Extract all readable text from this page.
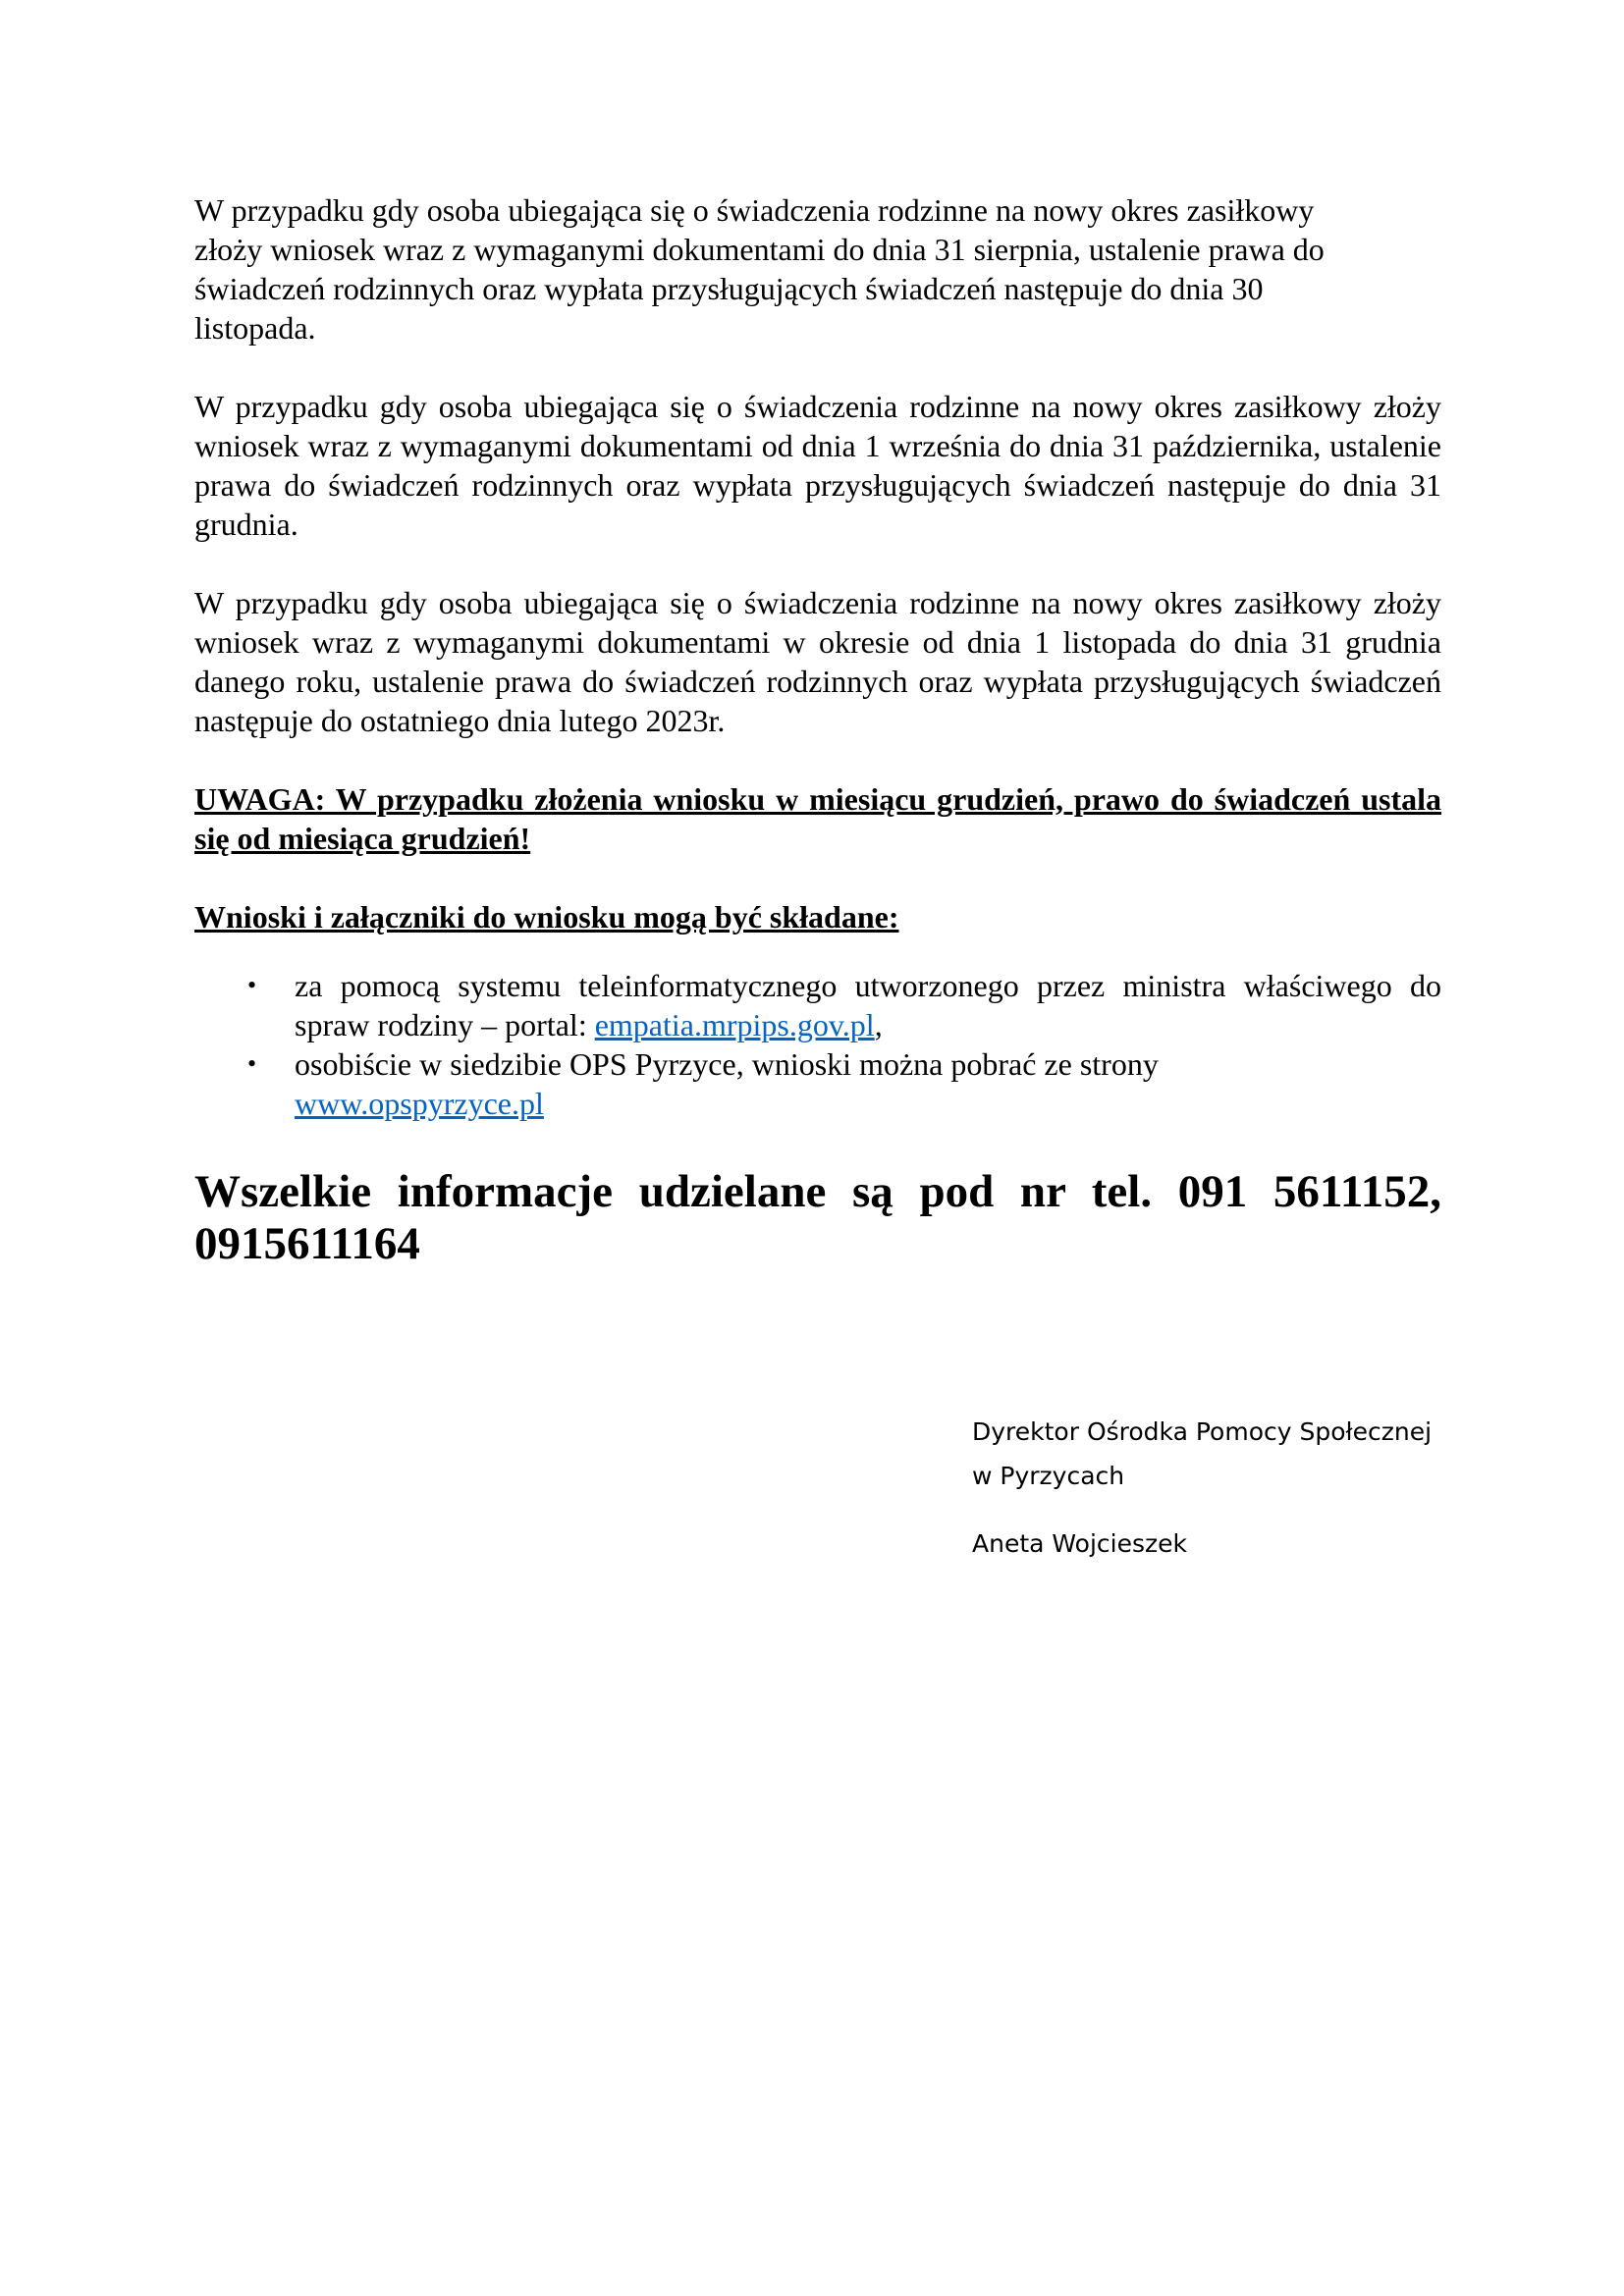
W przypadku gdy osoba ubiegająca się o świadczenia rodzinne na nowy okres zasiłkowy
złoży wniosek wraz z wymaganymi dokumentami do dnia 31 sierpnia, ustalenie prawa do
świadczeń rodzinnych oraz wypłata przysługujących świadczeń następuje do dnia 30
listopada.

W przypadku gdy osoba ubiegająca się o świadczenia rodzinne na nowy okres zasiłkowy złoży wniosek wraz z wymaganymi dokumentami od dnia 1 września do dnia 31 października, ustalenie prawa do świadczeń rodzinnych oraz wypłata przysługujących świadczeń następuje do dnia 31 grudnia.

W przypadku gdy osoba ubiegająca się o świadczenia rodzinne na nowy okres zasiłkowy złoży wniosek wraz z wymaganymi dokumentami w okresie od dnia 1 listopada do dnia 31 grudnia danego roku, ustalenie prawa do świadczeń rodzinnych oraz wypłata przysługujących świadczeń następuje do ostatniego dnia lutego 2023r.

UWAGA: W przypadku złożenia wniosku w miesiącu grudzień, prawo do świadczeń ustala się od miesiąca grudzień!

Wnioski i załączniki do wniosku mogą być składane:

• za pomocą systemu teleinformatycznego utworzonego przez ministra właściwego do spraw rodziny – portal: empatia.mrpips.gov.pl,
• osobiście w siedzibie OPS Pyrzyce, wnioski można pobrać ze strony
www.opspyrzyce.pl

Wszelkie informacje udzielane są pod nr tel. 091 5611152, 0915611164

Dyrektor Ośrodka Pomocy Społecznej
w Pyrzycach
Aneta Wojcieszek
